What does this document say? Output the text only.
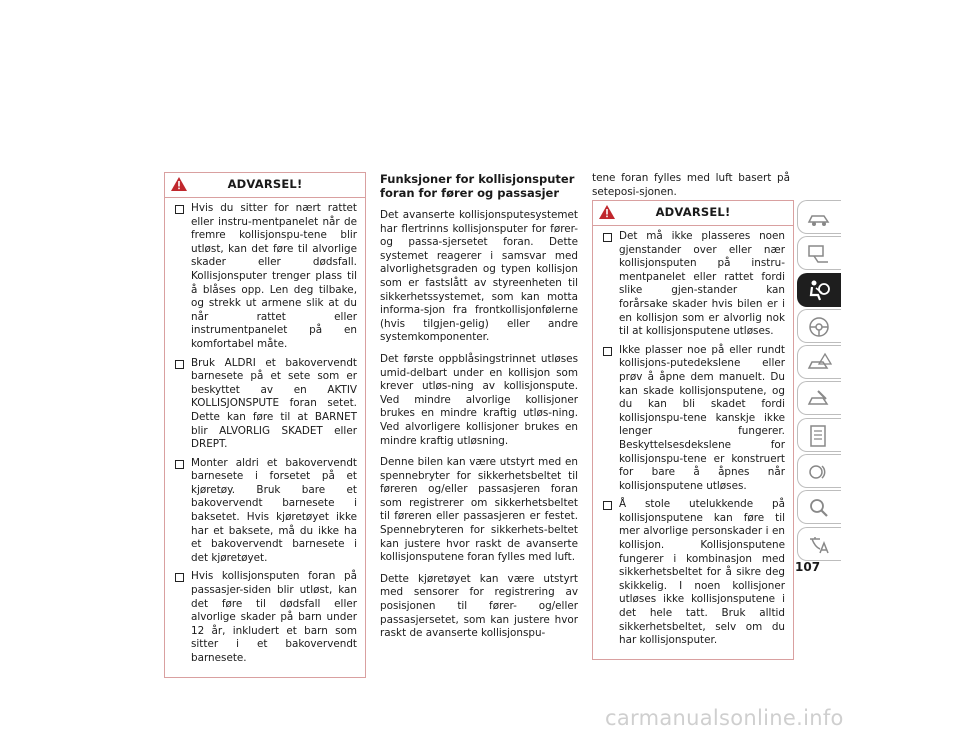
ADVARSEL!
Hvis du sitter for nært rattet eller instru-mentpanelet når de fremre kollisjonspu-tene blir utløst, kan det føre til alvorlige skader eller dødsfall. Kollisjonsputer trenger plass til å blåses opp. Len deg tilbake, og strekk ut armene slik at du når rattet eller instrumentpanelet på en komfortabel måte.
Bruk ALDRI et bakovervendt barnesete på et sete som er beskyttet av en AKTIV KOLLISJONSPUTE foran setet. Dette kan føre til at BARNET blir ALVORLIG SKADET eller DREPT.
Monter aldri et bakovervendt barnesete i forsetet på et kjøretøy. Bruk bare et bakovervendt barnesete i baksetet. Hvis kjøretøyet ikke har et baksete, må du ikke ha et bakovervendt barnesete i det kjøretøyet.
Hvis kollisjonsputen foran på passasjer-siden blir utløst, kan det føre til dødsfall eller alvorlige skader på barn under 12 år, inkludert et barn som sitter i et bakovervendt barnesete.
Funksjoner for kollisjonsputer foran for fører og passasjer

Det avanserte kollisjonsputesystemet har flertrinns kollisjonsputer for fører- og passa-sjersetet foran. Dette systemet reagerer i samsvar med alvorlighetsgraden og typen kollisjon som er fastslått av styreenheten til sikkerhetssystemet, som kan motta informa-sjon fra frontkollisjonfølerne (hvis tilgjen-gelig) eller andre systemkomponenter.

Det første oppblåsingstrinnet utløses umid-delbart under en kollisjon som krever utløs-ning av kollisjonspute. Ved mindre alvorlige kollisjoner brukes en mindre kraftig utløs-ning. Ved alvorligere kollisjoner brukes en mindre kraftig utløsning.

Denne bilen kan være utstyrt med en spennebryter for sikkerhetsbeltet til føreren og/eller passasjeren foran som registrerer om sikkerhetsbeltet til føreren eller passasjeren er festet. Spennebryteren for sikkerhets-beltet kan justere hvor raskt de avanserte kollisjonsputene foran fylles med luft.

Dette kjøretøyet kan være utstyrt med sensorer for registrering av posisjonen til fører- og/eller passasjersetet, som kan justere hvor raskt de avanserte kollisjonspu-

tene foran fylles med luft basert på seteposi-sjonen.
ADVARSEL!
Det må ikke plasseres noen gjenstander over eller nær kollisjonsputen på instru-mentpanelet eller rattet fordi slike gjen-stander kan forårsake skader hvis bilen er i en kollisjon som er alvorlig nok til at kollisjonsputene utløses.
Ikke plasser noe på eller rundt kollisjons-putedekslene eller prøv å åpne dem manuelt. Du kan skade kollisjonsputene, og du kan bli skadet fordi kollisjonspu-tene kanskje ikke lenger fungerer. Beskyttelsesdekslene for kollisjonspu-tene er konstruert for bare å åpnes når kollisjonsputene utløses.
Å stole utelukkende på kollisjonsputene kan føre til mer alvorlige personskader i en kollisjon. Kollisjonsputene fungerer i kombinasjon med sikkerhetsbeltet for å sikre deg skikkelig. I noen kollisjoner utløses ikke kollisjonsputene i det hele tatt. Bruk alltid sikkerhetsbeltet, selv om du har kollisjonsputer.
107
carmanualsonline.info
